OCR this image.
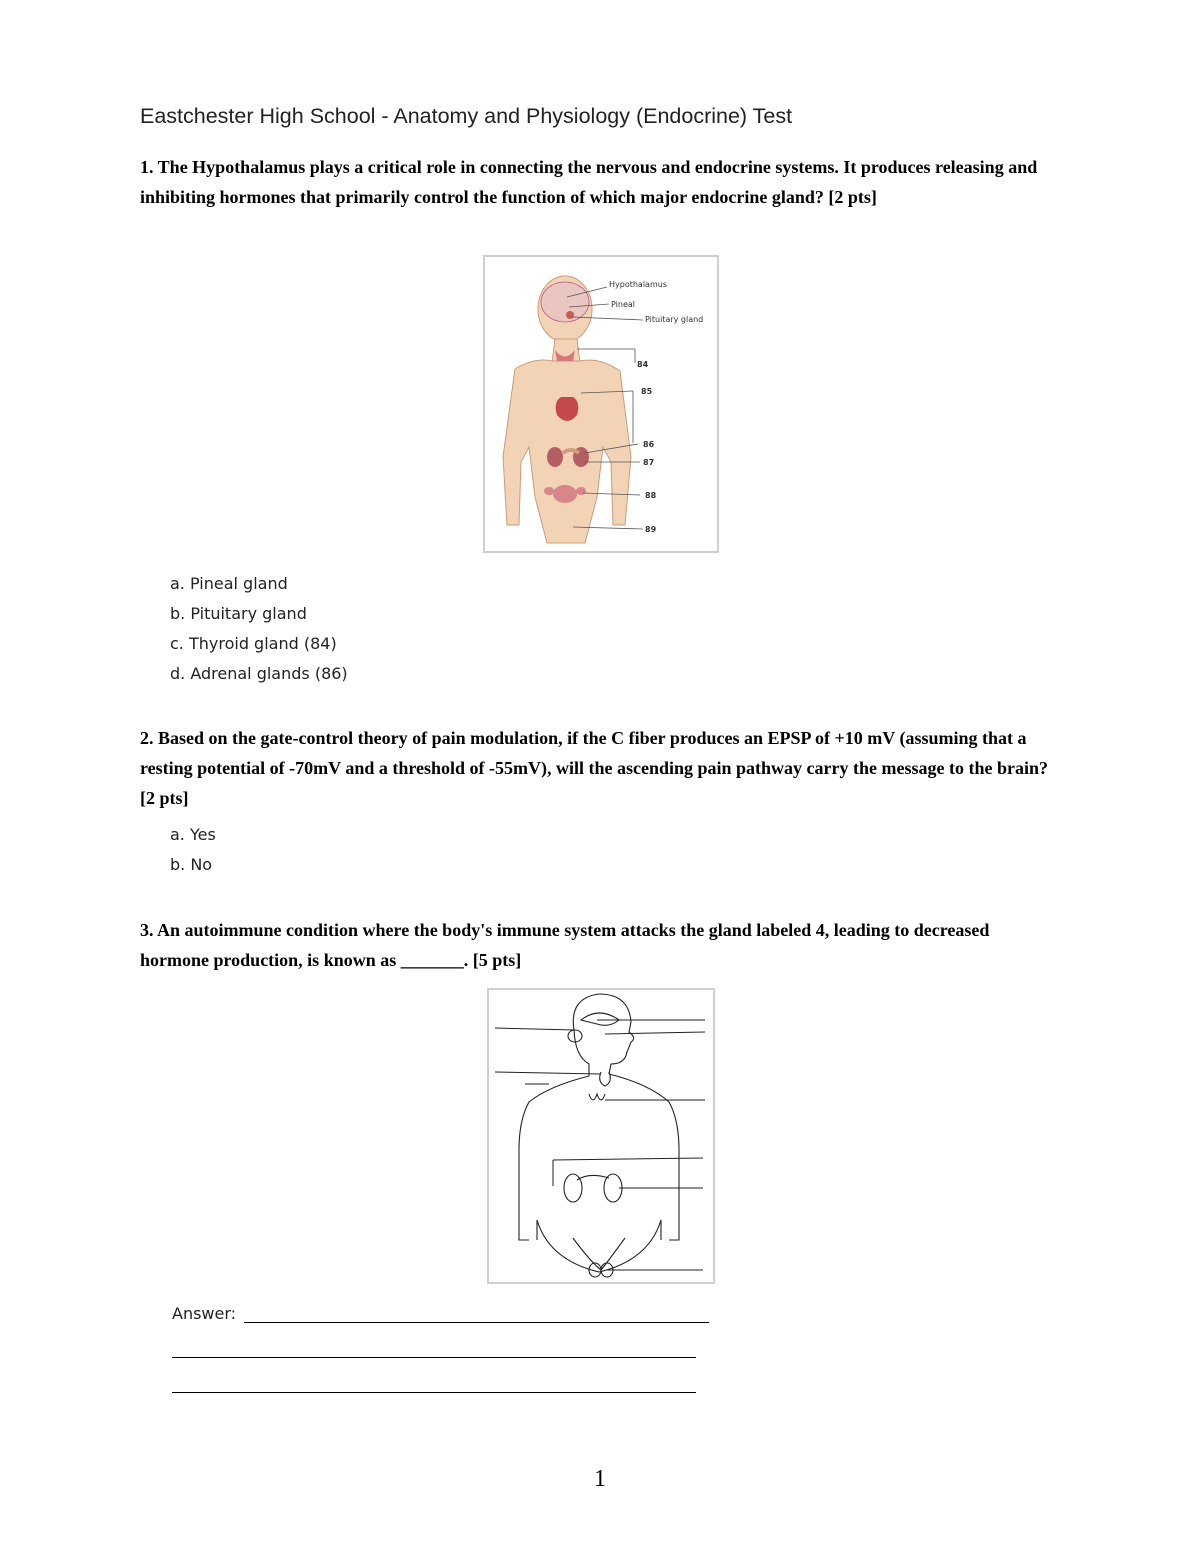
Eastchester High School - Anatomy and Physiology (Endocrine) Test
1. The Hypothalamus plays a critical role in connecting the nervous and endocrine systems. It produces releasing and inhibiting hormones that primarily control the function of which major endocrine gland? [2 pts]
Hypothalamus
Pineal
Pituitary gland
84
85
86
87
88
89
a. Pineal gland
b. Pituitary gland
c. Thyroid gland (84)
d. Adrenal glands (86)
2. Based on the gate-control theory of pain modulation, if the C fiber produces an EPSP of +10 mV (assuming that a resting potential of -70mV and a threshold of -55mV), will the ascending pain pathway carry the message to the brain? [2 pts]
a. Yes
b. No
3. An autoimmune condition where the body's immune system attacks the gland labeled 4, leading to decreased hormone production, is known as _______. [5 pts]
Answer:
1
